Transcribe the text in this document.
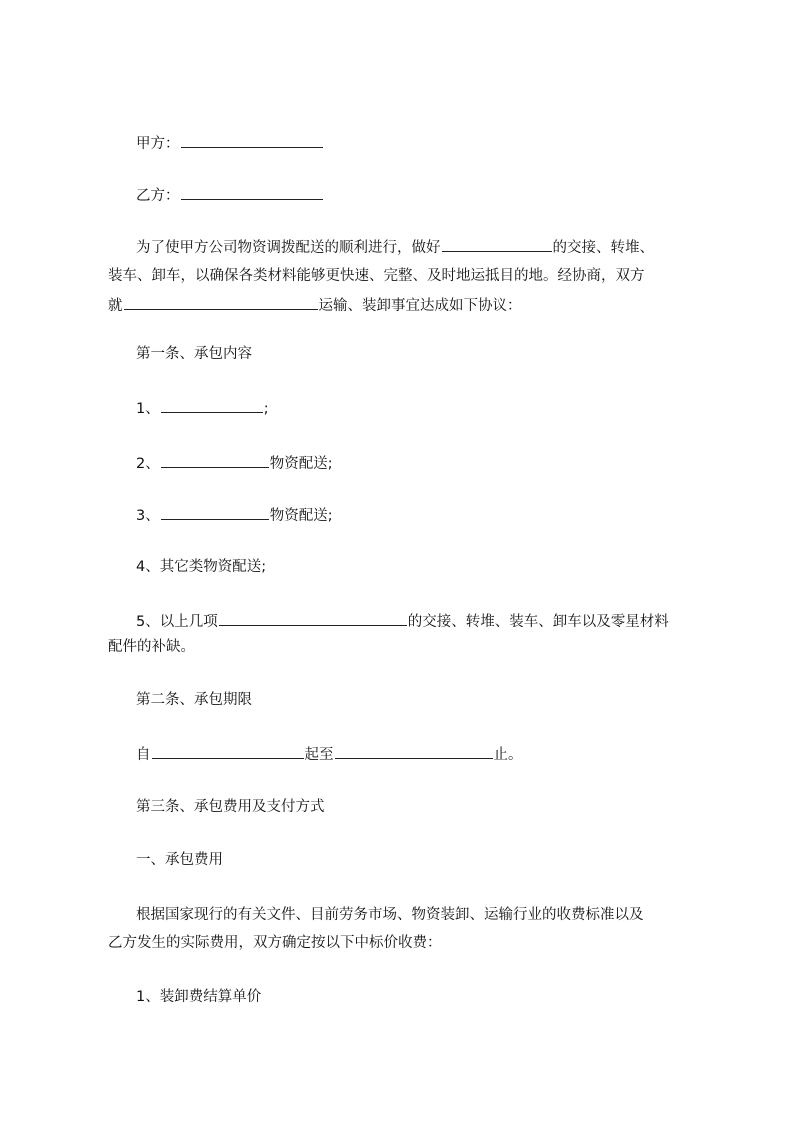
甲方：
乙方：
为了使甲方公司物资调拨配送的顺利进行，做好	的交接、转堆、
装车、卸车，以确保各类材料能够更快速、完整、及时地运抵目的地。经协商，双方
就	运输、装卸事宜达成如下协议：
第一条、承包内容
1、	;
2、	物资配送;
3、	物资配送;
4、其它类物资配送;
5、以上几项	的交接、转堆、装车、卸车以及零星材料
配件的补缺。
第二条、承包期限
自	起至	止。
第三条、承包费用及支付方式
一、承包费用
根据国家现行的有关文件、目前劳务市场、物资装卸、运输行业的收费标准以及
乙方发生的实际费用，双方确定按以下中标价收费：
1、装卸费结算单价
